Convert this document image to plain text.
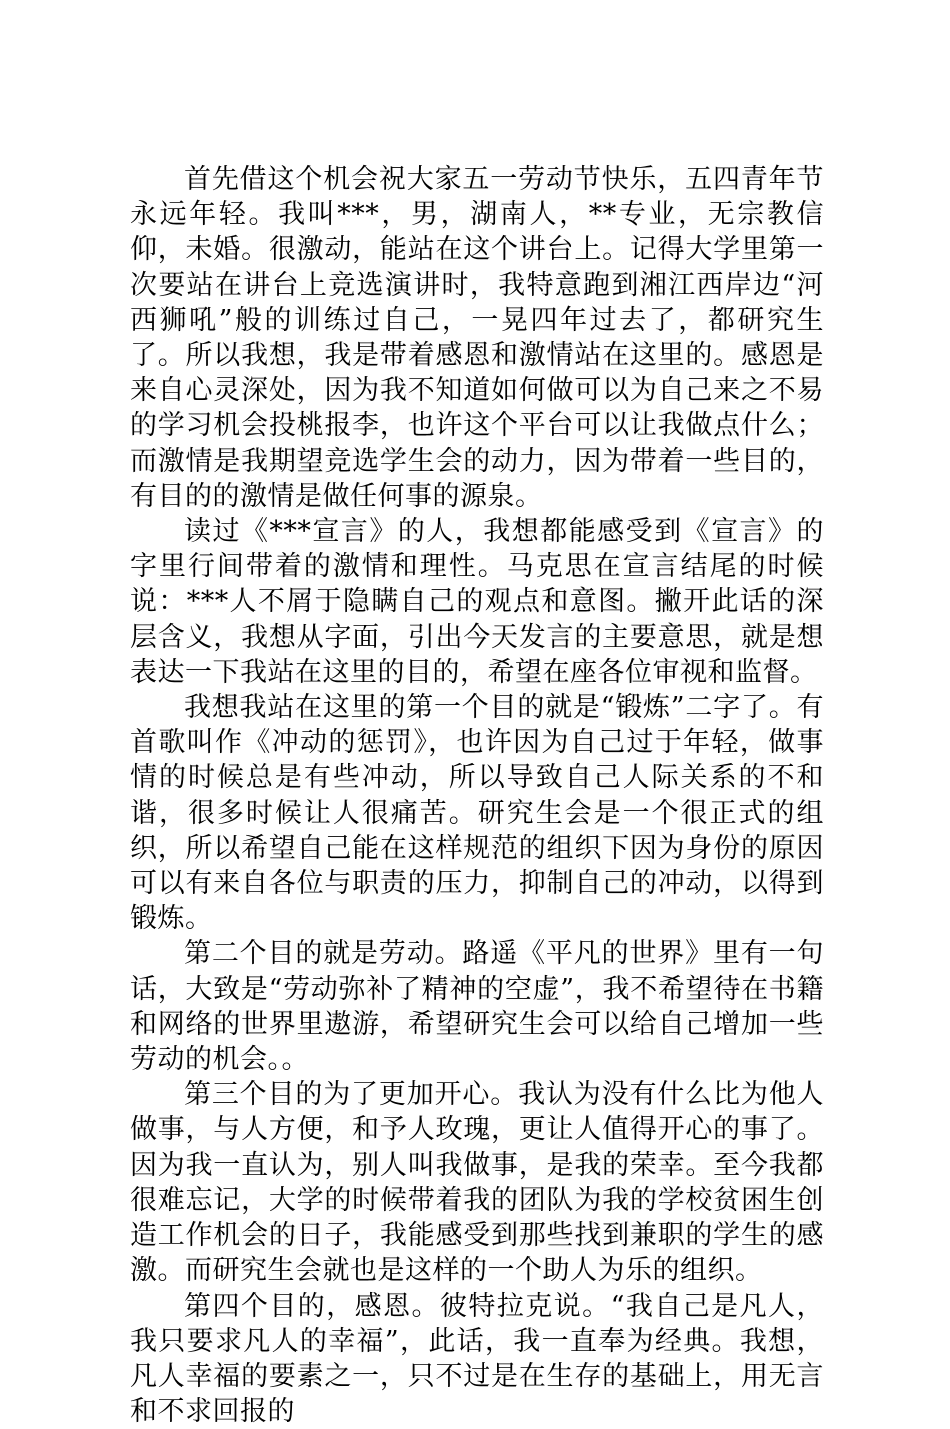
首先借这个机会祝大家五一劳动节快乐，五四青年节永远年轻。我叫***，男，湖南人，**专业，无宗教信仰，未婚。很激动，能站在这个讲台上。记得大学里第一次要站在讲台上竞选演讲时，我特意跑到湘江西岸边“河西狮吼”般的训练过自己，一晃四年过去了，都研究生了。所以我想，我是带着感恩和激情站在这里的。感恩是来自心灵深处，因为我不知道如何做可以为自己来之不易的学习机会投桃报李，也许这个平台可以让我做点什么；而激情是我期望竞选学生会的动力，因为带着一些目的，有目的的激情是做任何事的源泉。

读过《***宣言》的人，我想都能感受到《宣言》的字里行间带着的激情和理性。马克思在宣言结尾的时候说：***人不屑于隐瞒自己的观点和意图。撇开此话的深层含义，我想从字面，引出今天发言的主要意思，就是想表达一下我站在这里的目的，希望在座各位审视和监督。

我想我站在这里的第一个目的就是“锻炼”二字了。有首歌叫作《冲动的惩罚》，也许因为自己过于年轻，做事情的时候总是有些冲动，所以导致自己人际关系的不和谐，很多时候让人很痛苦。研究生会是一个很正式的组织，所以希望自己能在这样规范的组织下因为身份的原因可以有来自各位与职责的压力，抑制自己的冲动，以得到锻炼。

第二个目的就是劳动。路遥《平凡的世界》里有一句话，大致是“劳动弥补了精神的空虚”，我不希望待在书籍和网络的世界里遨游，希望研究生会可以给自己增加一些劳动的机会。。

第三个目的为了更加开心。我认为没有什么比为他人做事，与人方便，和予人玫瑰，更让人值得开心的事了。因为我一直认为，别人叫我做事，是我的荣幸。至今我都很难忘记，大学的时候带着我的团队为我的学校贫困生创造工作机会的日子，我能感受到那些找到兼职的学生的感激。而研究生会就也是这样的一个助人为乐的组织。

第四个目的，感恩。彼特拉克说。“我自己是凡人，我只要求凡人的幸福”，此话，我一直奉为经典。我想，凡人幸福的要素之一，只不过是在生存的基础上，用无言和不求回报的
